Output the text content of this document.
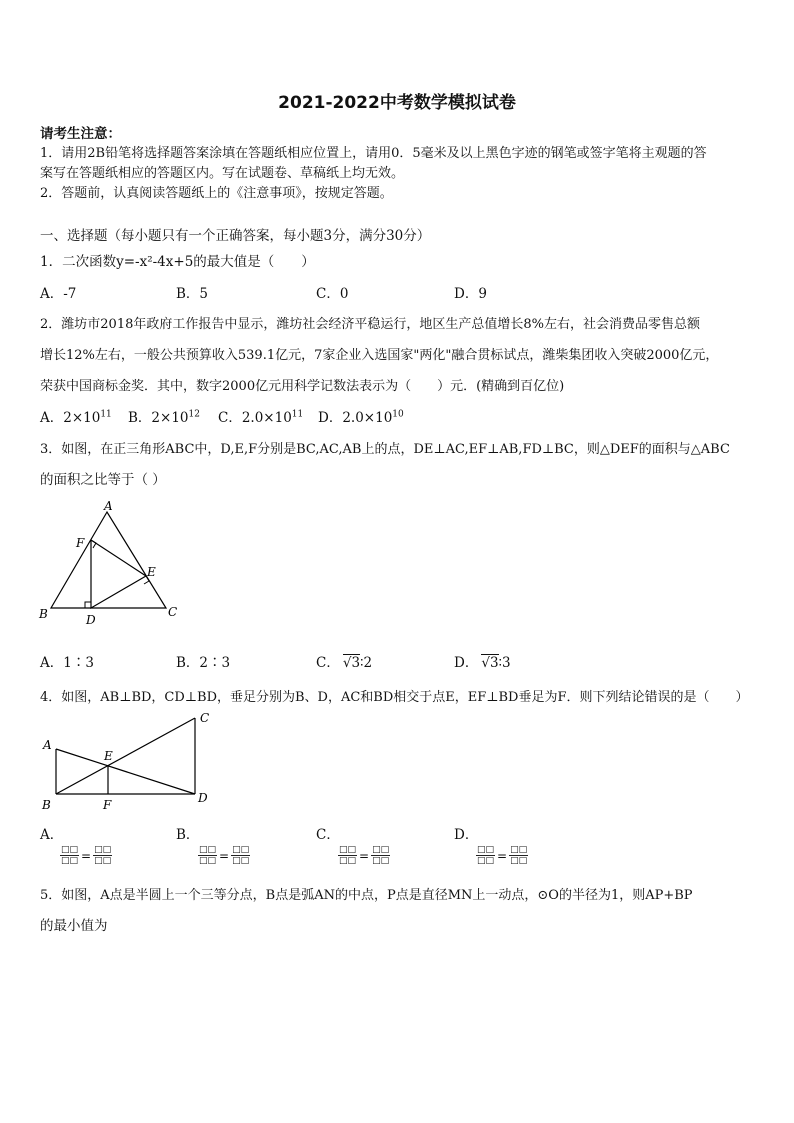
2021-2022中考数学模拟试卷
请考生注意：
1．请用2B铅笔将选择题答案涂填在答题纸相应位置上，请用0．5毫米及以上黑色字迹的钢笔或签字笔将主观题的答
案写在答题纸相应的答题区内。写在试题卷、草稿纸上均无效。
2．答题前，认真阅读答题纸上的《注意事项》，按规定答题。
一、选择题（每小题只有一个正确答案，每小题3分，满分30分）
1．二次函数y=-x²-4x+5的最大值是（　　）
A．-7	B．5	C．0	D．9
2．潍坊市2018年政府工作报告中显示，潍坊社会经济平稳运行，地区生产总值增长8%左右，社会消费品零售总额
增长12%左右，一般公共预算收入539.1亿元，7家企业入选国家"两化"融合贯标试点，潍柴集团收入突破2000亿元，
荣获中国商标金奖．其中，数字2000亿元用科学记数法表示为（　　）元．(精确到百亿位)
A．$2\times 10^{11}$ B．$2\times 10^{12}$ C．$2.0\times 10^{11}$ D．$2.0\times 10^{10}$
3．如图，在正三角形ABC中，D,E,F分别是BC,AC,AB上的点，DE⊥AC,EF⊥AB,FD⊥BC，则△DEF的面积与△ABC
的面积之比等于（ ）
A
F
E
B	D
C
A．1∶3	B．2∶3	C． √3∶2	D． √3∶3
4．如图，AB⊥BD，CD⊥BD，垂足分别为B、D，AC和BD相交于点E，EF⊥BD垂足为F．则下列结论错误的是（　　）
C
A
E
B	F	D
A．
$\frac{□□}{□□} = \frac{□□}{□□}$
B．
$\frac{□□}{□□} = \frac{□□}{□□}$
C．
$\frac{□□}{□□} = \frac{□□}{□□}$
D．
$\frac{□□}{□□} = \frac{□□}{□□}$
5．如图，A点是半圆上一个三等分点，B点是弧AN的中点，P点是直径MN上一动点，⊙O的半径为1，则AP+BP
的最小值为
